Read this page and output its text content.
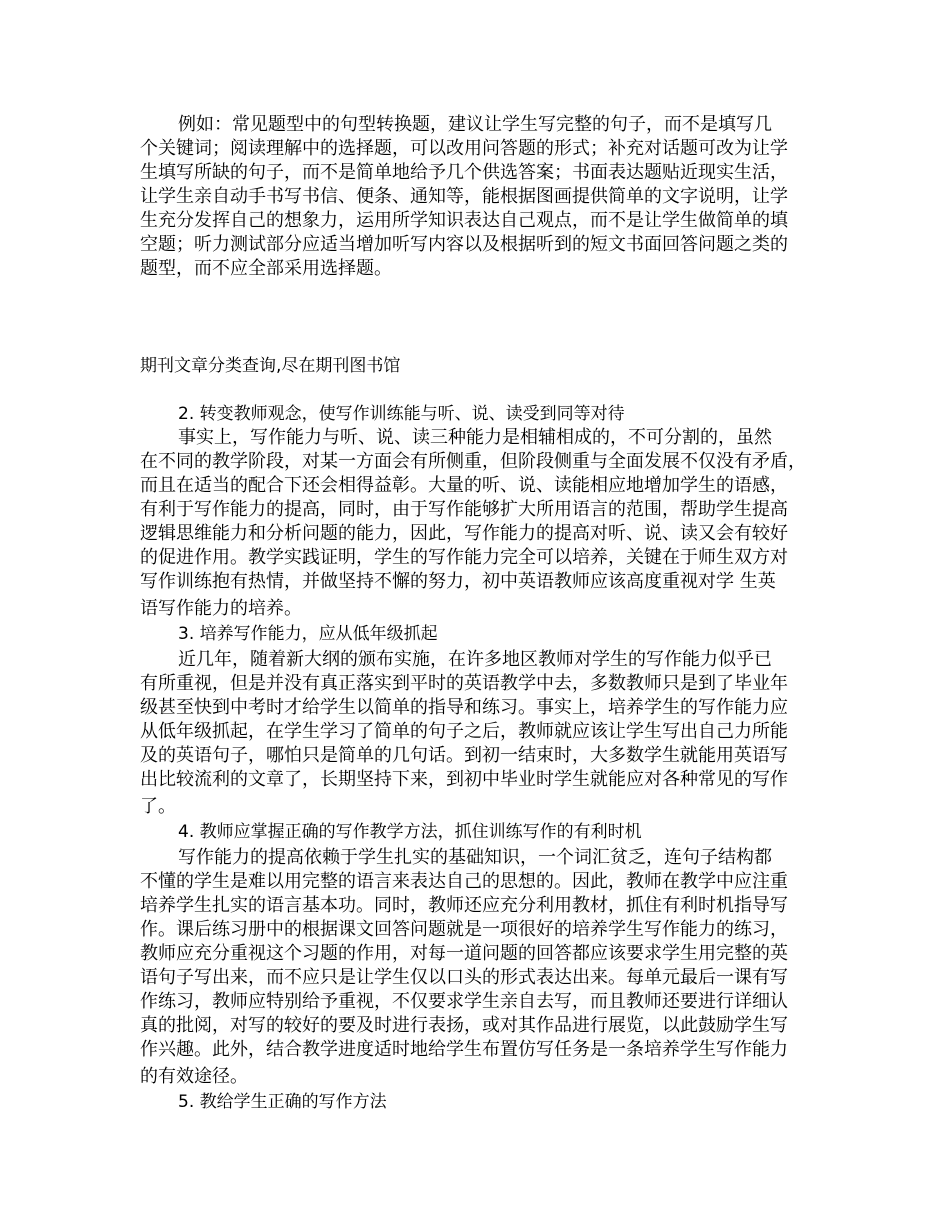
例如：常见题型中的句型转换题，建议让学生写完整的句子，而不是填写几
个关键词；阅读理解中的选择题，可以改用问答题的形式；补充对话题可改为让学
生填写所缺的句子，而不是简单地给予几个供选答案；书面表达题贴近现实生活，
让学生亲自动手书写书信、便条、通知等，能根据图画提供简单的文字说明，让学
生充分发挥自己的想象力，运用所学知识表达自己观点，而不是让学生做简单的填
空题；听力测试部分应适当增加听写内容以及根据听到的短文书面回答问题之类的
题型，而不应全部采用选择题。
期刊文章分类查询,尽在期刊图书馆
2. 转变教师观念，使写作训练能与听、说、读受到同等对待
事实上，写作能力与听、说、读三种能力是相辅相成的，不可分割的，虽然
在不同的教学阶段，对某一方面会有所侧重，但阶段侧重与全面发展不仅没有矛盾，
而且在适当的配合下还会相得益彰。大量的听、说、读能相应地增加学生的语感，
有利于写作能力的提高，同时，由于写作能够扩大所用语言的范围，帮助学生提高
逻辑思维能力和分析问题的能力，因此，写作能力的提高对听、说、读又会有较好
的促进作用。教学实践证明，学生的写作能力完全可以培养，关键在于师生双方对
写作训练抱有热情，并做坚持不懈的努力，初中英语教师应该高度重视对学 生英
语写作能力的培养。
3. 培养写作能力，应从低年级抓起
近几年，随着新大纲的颁布实施，在许多地区教师对学生的写作能力似乎已
有所重视，但是并没有真正落实到平时的英语教学中去，多数教师只是到了毕业年
级甚至快到中考时才给学生以简单的指导和练习。事实上，培养学生的写作能力应
从低年级抓起，在学生学习了简单的句子之后，教师就应该让学生写出自己力所能
及的英语句子，哪怕只是简单的几句话。到初一结束时，大多数学生就能用英语写
出比较流利的文章了，长期坚持下来，到初中毕业时学生就能应对各种常见的写作
了。
4. 教师应掌握正确的写作教学方法，抓住训练写作的有利时机
写作能力的提高依赖于学生扎实的基础知识，一个词汇贫乏，连句子结构都
不懂的学生是难以用完整的语言来表达自己的思想的。因此，教师在教学中应注重
培养学生扎实的语言基本功。同时，教师还应充分利用教材，抓住有利时机指导写
作。课后练习册中的根据课文回答问题就是一项很好的培养学生写作能力的练习，
教师应充分重视这个习题的作用，对每一道问题的回答都应该要求学生用完整的英
语句子写出来，而不应只是让学生仅以口头的形式表达出来。每单元最后一课有写
作练习，教师应特别给予重视，不仅要求学生亲自去写，而且教师还要进行详细认
真的批阅，对写的较好的要及时进行表扬，或对其作品进行展览，以此鼓励学生写
作兴趣。此外，结合教学进度适时地给学生布置仿写任务是一条培养学生写作能力
的有效途径。
5. 教给学生正确的写作方法
